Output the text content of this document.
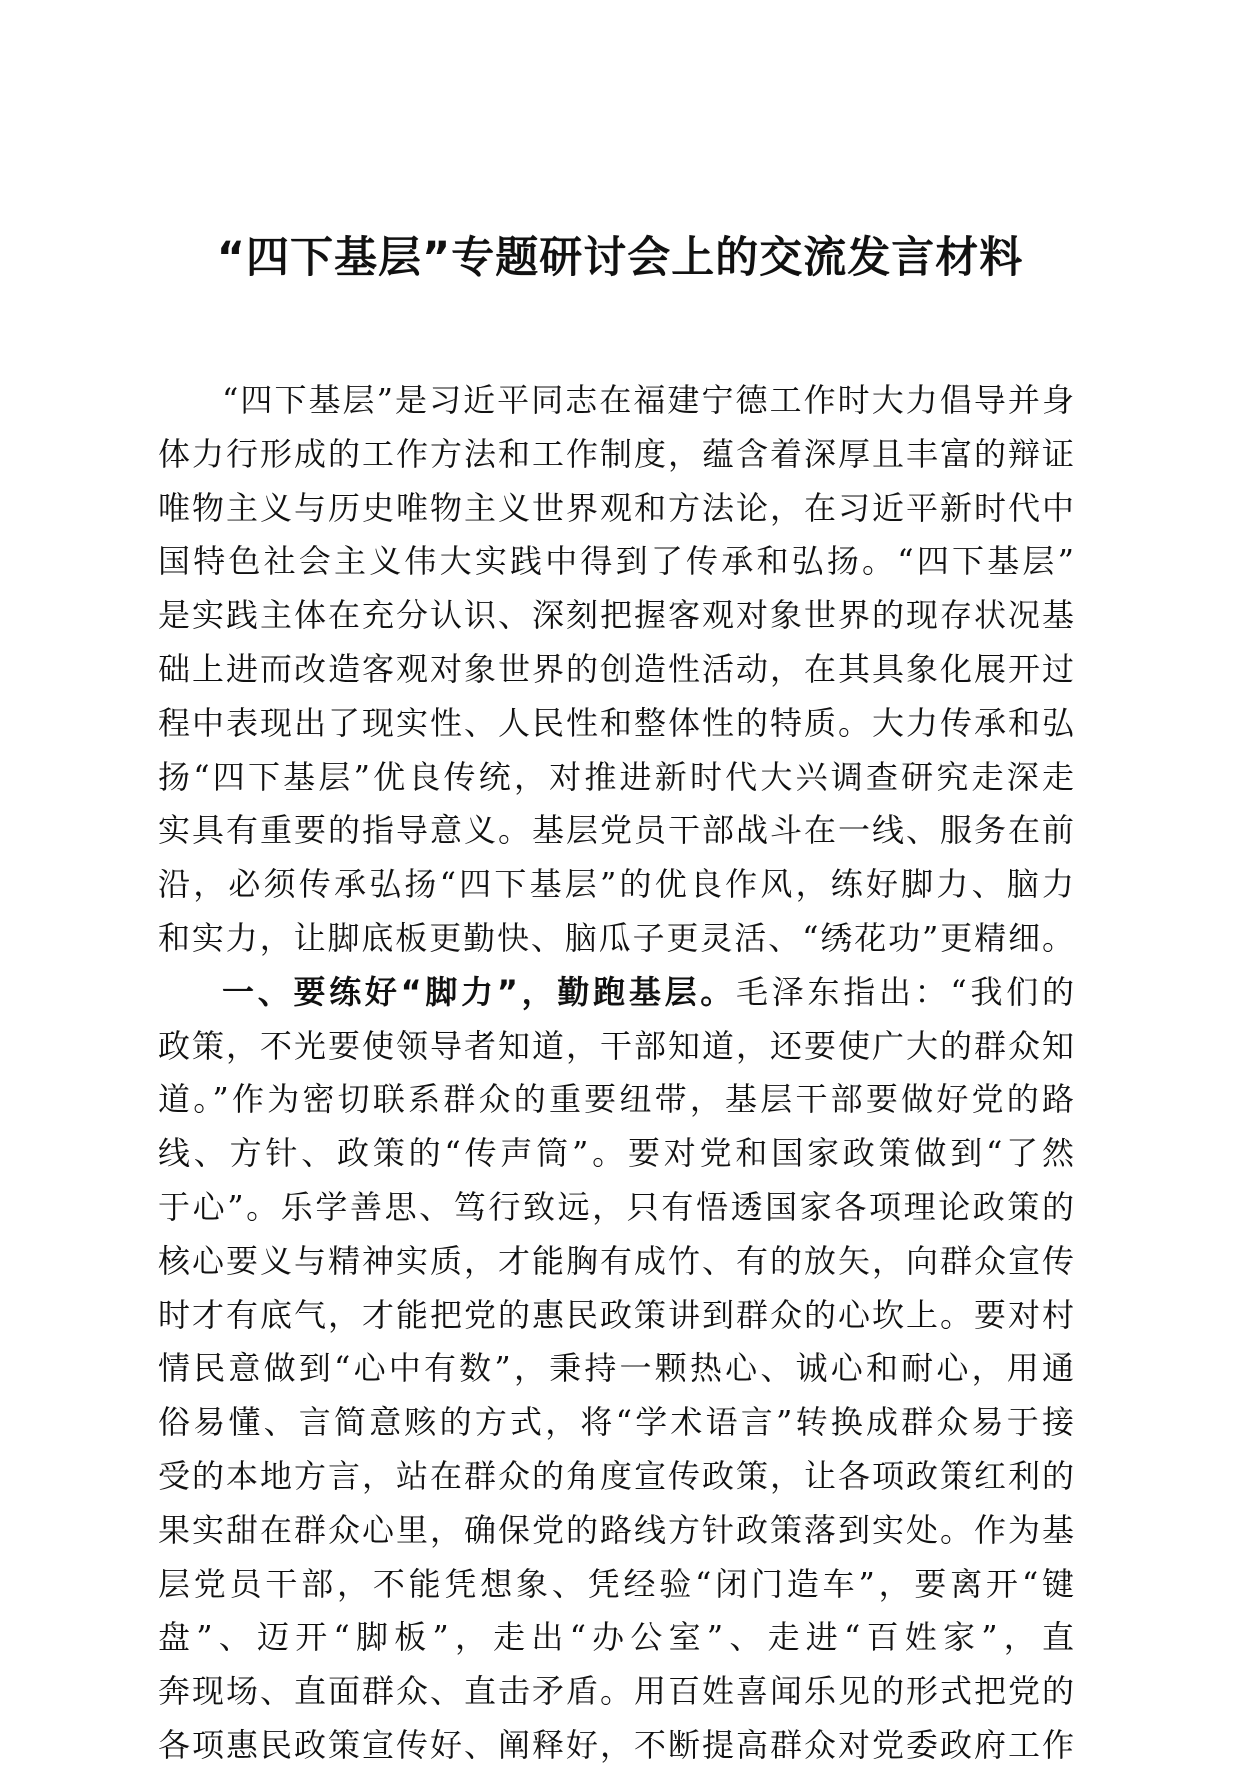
“四下基层”专题研讨会上的交流发言材料
“四下基层”是习近平同志在福建宁德工作时大力倡导并身
体力行形成的工作方法和工作制度，蕴含着深厚且丰富的辩证
唯物主义与历史唯物主义世界观和方法论，在习近平新时代中
国特色社会主义伟大实践中得到了传承和弘扬。“四下基层”
是实践主体在充分认识、深刻把握客观对象世界的现存状况基
础上进而改造客观对象世界的创造性活动，在其具象化展开过
程中表现出了现实性、人民性和整体性的特质。大力传承和弘
扬“四下基层”优良传统，对推进新时代大兴调查研究走深走
实具有重要的指导意义。基层党员干部战斗在一线、服务在前
沿，必须传承弘扬“四下基层”的优良作风，练好脚力、脑力
和实力，让脚底板更勤快、脑瓜子更灵活、“绣花功”更精细。
一、要练好“脚力”，勤跑基层。毛泽东指出：“我们的
政策，不光要使领导者知道，干部知道，还要使广大的群众知
道。”作为密切联系群众的重要纽带，基层干部要做好党的路
线、方针、政策的“传声筒”。要对党和国家政策做到“了然
于心”。乐学善思、笃行致远，只有悟透国家各项理论政策的
核心要义与精神实质，才能胸有成竹、有的放矢，向群众宣传
时才有底气，才能把党的惠民政策讲到群众的心坎上。要对村
情民意做到“心中有数”，秉持一颗热心、诚心和耐心，用通
俗易懂、言简意赅的方式，将“学术语言”转换成群众易于接
受的本地方言，站在群众的角度宣传政策，让各项政策红利的
果实甜在群众心里，确保党的路线方针政策落到实处。作为基
层党员干部，不能凭想象、凭经验“闭门造车”，要离开“键
盘”、迈开“脚板”，走出“办公室”、走进“百姓家”，直
奔现场、直面群众、直击矛盾。用百姓喜闻乐见的形式把党的
各项惠民政策宣传好、阐释好，不断提高群众对党委政府工作
